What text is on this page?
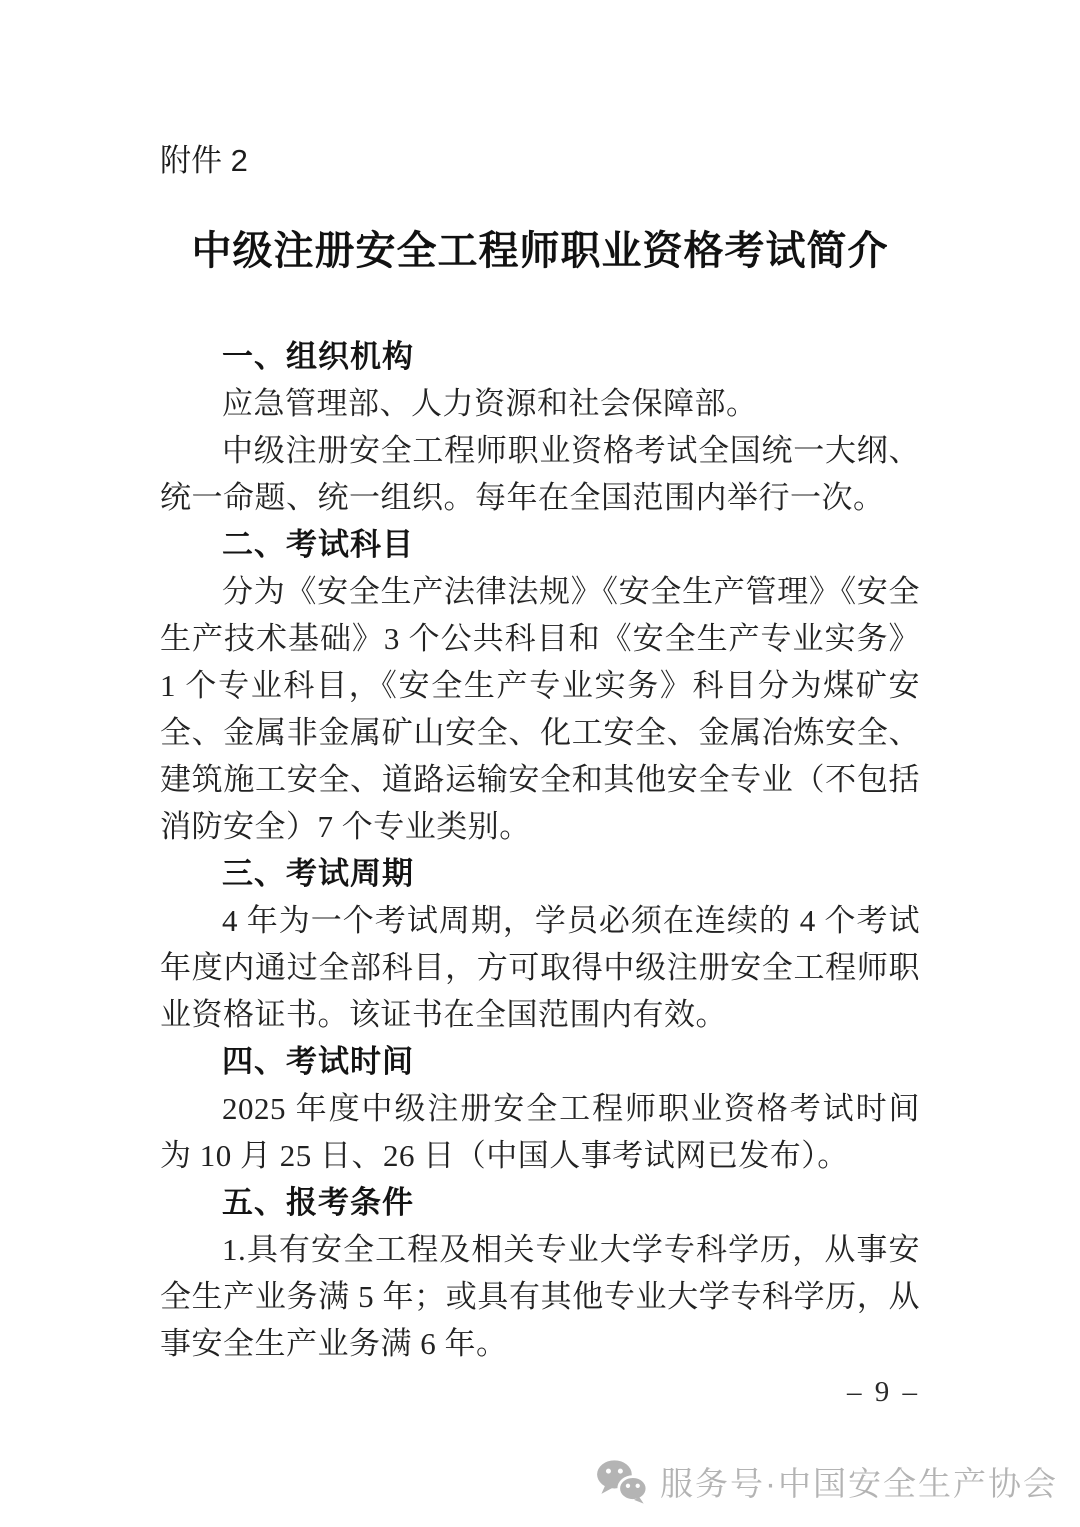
附件 2
中级注册安全工程师职业资格考试简介
一、组织机构

应急管理部、人力资源和社会保障部。

中级注册安全工程师职业资格考试全国统一大纲、统一命题、统一组织。每年在全国范围内举行一次。

二、考试科目

分为《安全生产法律法规》《安全生产管理》《安全生产技术基础》3 个公共科目和《安全生产专业实务》1 个专业科目，《安全生产专业实务》科目分为煤矿安全、金属非金属矿山安全、化工安全、金属冶炼安全、建筑施工安全、道路运输安全和其他安全专业（不包括消防安全）7 个专业类别。

三、考试周期

4 年为一个考试周期，学员必须在连续的 4 个考试年度内通过全部科目，方可取得中级注册安全工程师职业资格证书。该证书在全国范围内有效。

四、考试时间

2025 年度中级注册安全工程师职业资格考试时间为 10 月 25 日、26 日（中国人事考试网已发布）。

五、报考条件

1.具有安全工程及相关专业大学专科学历，从事安全生产业务满 5 年；或具有其他专业大学专科学历，从事安全生产业务满 6 年。

– 9 –
服务号·中国安全生产协会
